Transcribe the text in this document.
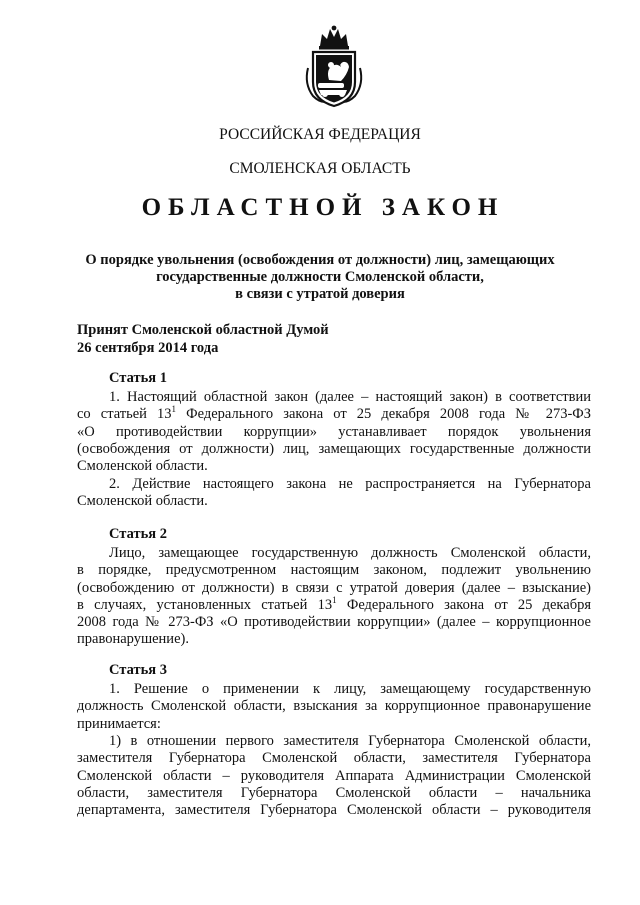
РОССИЙСКАЯ ФЕДЕРАЦИЯ
СМОЛЕНСКАЯ ОБЛАСТЬ
ОБЛАСТНОЙ ЗАКОН
О порядке увольнения (освобождения от должности) лиц, замещающих
государственные должности Смоленской области,
в связи с утратой доверия
Принят Смоленской областной Думой
26 сентября 2014 года
Статья 1
1. Настоящий областной закон (далее – настоящий закон) в соответствии
со статьей $13^1$ Федерального закона от 25 декабря 2008 года № 273-ФЗ
«О противодействии коррупции» устанавливает порядок увольнения
(освобождения от должности) лиц, замещающих государственные должности
Смоленской области.
2. Действие настоящего закона не распространяется на Губернатора
Смоленской области.
Статья 2
Лицо, замещающее государственную должность Смоленской области,
в порядке, предусмотренном настоящим законом, подлежит увольнению
(освобождению от должности) в связи с утратой доверия (далее – взыскание)
в случаях, установленных статьей $13^1$ Федерального закона от 25 декабря
2008 года № 273-ФЗ «О противодействии коррупции» (далее – коррупционное
правонарушение).
Статья 3
1. Решение о применении к лицу, замещающему государственную
должность Смоленской области, взыскания за коррупционное правонарушение
принимается:
1) в отношении первого заместителя Губернатора Смоленской области,
заместителя Губернатора Смоленской области, заместителя Губернатора
Смоленской области – руководителя Аппарата Администрации Смоленской
области, заместителя Губернатора Смоленской области – начальника
департамента, заместителя Губернатора Смоленской области – руководителя
